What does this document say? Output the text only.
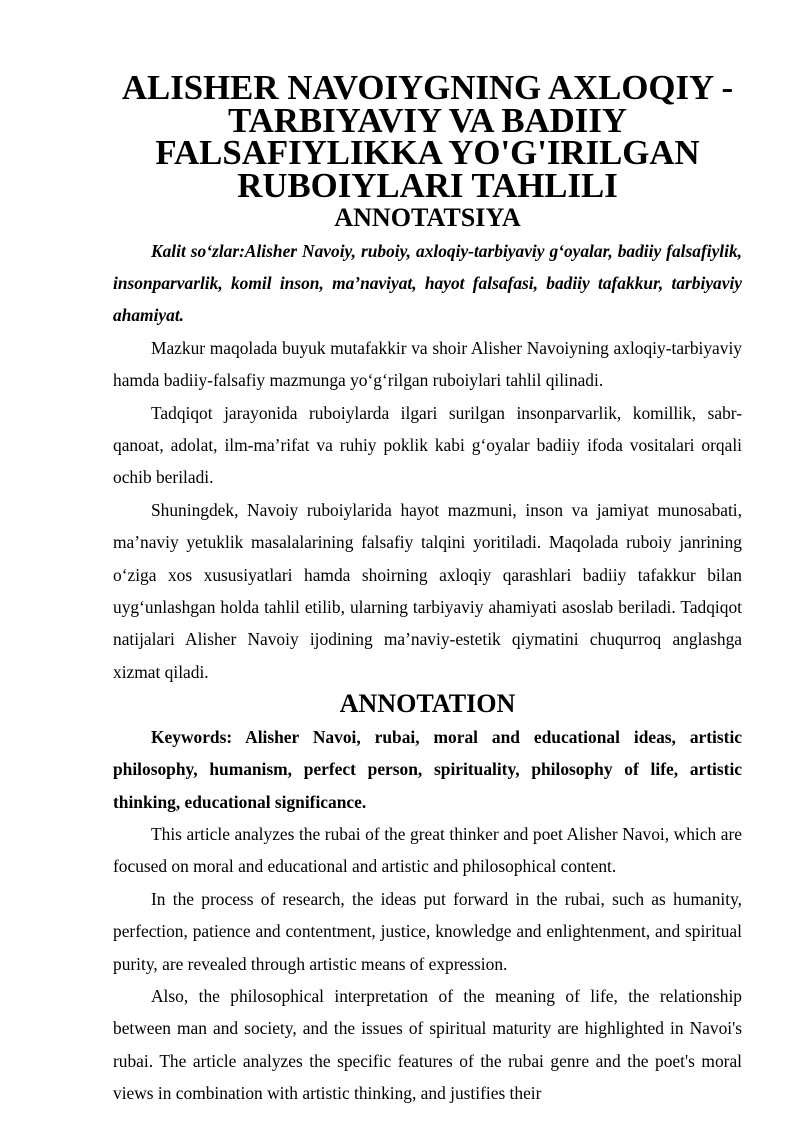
ALISHER NAVOIYGNING AXLOQIY -TARBIYAVIY VA BADIIY FALSAFIYLIKKA YO'G'IRILGAN RUBOIYLARI TAHLILI
ANNOTATSIYA

Kalit so‘zlar:Alisher Navoiy, ruboiy, axloqiy-tarbiyaviy g‘oyalar, badiiy falsafiylik, insonparvarlik, komil inson, ma’naviyat, hayot falsafasi, badiiy tafakkur, tarbiyaviy ahamiyat.

Mazkur maqolada buyuk mutafakkir va shoir Alisher Navoiyning axloqiy-tarbiyaviy hamda badiiy-falsafiy mazmunga yo‘g‘rilgan ruboiylari tahlil qilinadi.

Tadqiqot jarayonida ruboiylarda ilgari surilgan insonparvarlik, komillik, sabr-qanoat, adolat, ilm-ma’rifat va ruhiy poklik kabi g‘oyalar badiiy ifoda vositalari orqali ochib beriladi.

Shuningdek, Navoiy ruboiylarida hayot mazmuni, inson va jamiyat munosabati, ma’naviy yetuklik masalalarining falsafiy talqini yoritiladi. Maqolada ruboiy janrining o‘ziga xos xususiyatlari hamda shoirning axloqiy qarashlari badiiy tafakkur bilan uyg‘unlashgan holda tahlil etilib, ularning tarbiyaviy ahamiyati asoslab beriladi. Tadqiqot natijalari Alisher Navoiy ijodining ma’naviy-estetik qiymatini chuqurroq anglashga xizmat qiladi.

ANNOTATION

Keywords: Alisher Navoi, rubai, moral and educational ideas, artistic philosophy, humanism, perfect person, spirituality, philosophy of life, artistic thinking, educational significance.

This article analyzes the rubai of the great thinker and poet Alisher Navoi, which are focused on moral and educational and artistic and philosophical content.

In the process of research, the ideas put forward in the rubai, such as humanity, perfection, patience and contentment, justice, knowledge and enlightenment, and spiritual purity, are revealed through artistic means of expression.

Also, the philosophical interpretation of the meaning of life, the relationship between man and society, and the issues of spiritual maturity are highlighted in Navoi's rubai. The article analyzes the specific features of the rubai genre and the poet's moral views in combination with artistic thinking, and justifies their
